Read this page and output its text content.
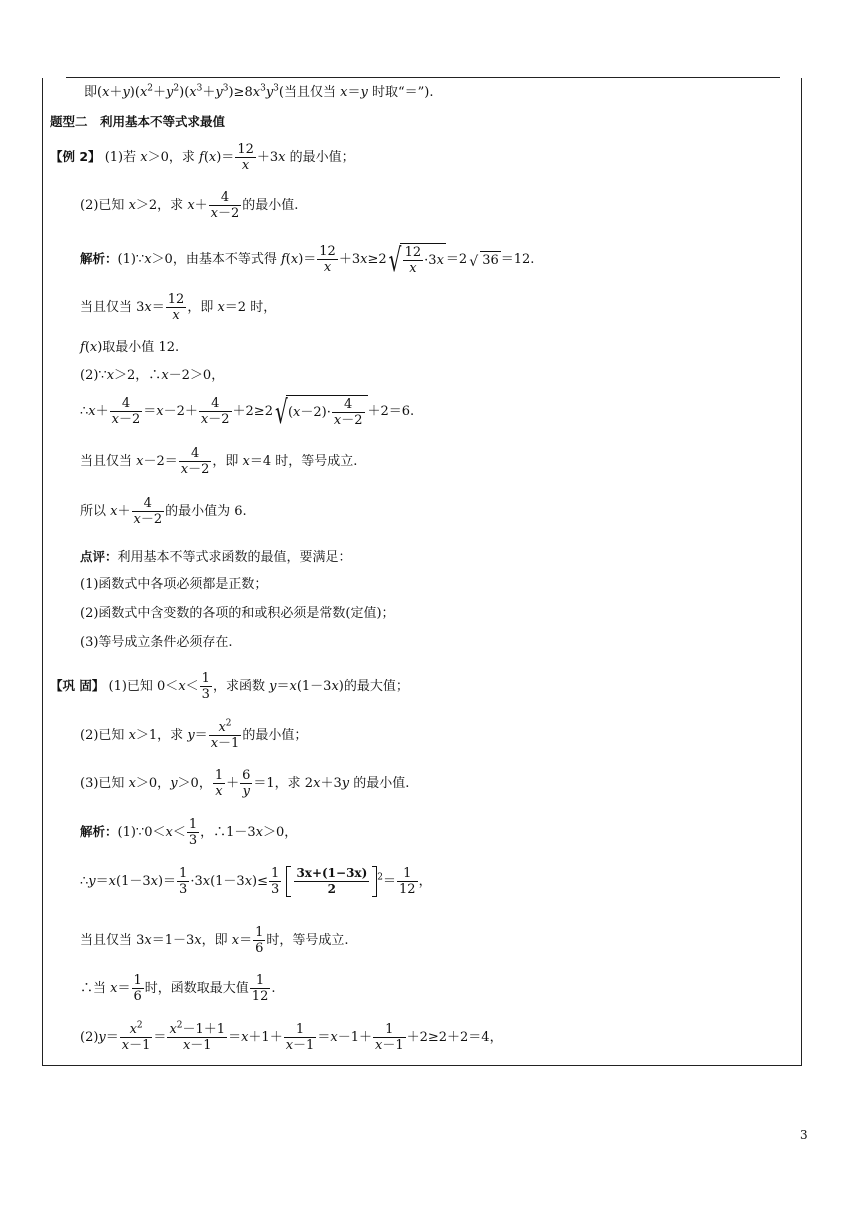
即$(x+y)(x^2+y^2)(x^3+y^3)\ge 8x^3y^3$(当且仅当 x＝y 时取“＝”).
题型二　利用基本不等式求最值
【例 2】 (1)若 x＞0，求 $f(x)= \frac{12}{x} +3x$ 的最小值；
(2)已知 x＞2，求 $x+ \frac{4}{x-2}$ 的最小值.
解析：(1)∵x＞0，由基本不等式得 $f(x)= \frac{12}{x} +3x\ge 2$ √ $\frac{12}{x} \cdot 3x =2$ √ 36 ＝12.
当且仅当 $3x= \frac{12}{x}$ ，即 x＝2 时，
f(x)取最小值 12.
(2)∵x＞2，∴x－2＞0，
∴x＋ $\frac{4}{x-2} =x-2+ \frac{4}{x-2} +2\ge 2$ √ $(x-2)\cdot \frac{4}{x-2} +2=6$.
当且仅当 $x-2= \frac{4}{x-2}$ ，即 x＝4 时，等号成立.
所以 $x+ \frac{4}{x-2}$ 的最小值为 6.
点评：利用基本不等式求函数的最值，要满足：
(1)函数式中各项必须都是正数；
(2)函数式中含变数的各项的和或积必须是常数(定值)；
(3)等号成立条件必须存在.
【巩 固】 (1)已知 $0<x< \frac{1}{3}$ ，求函数 y＝x(1－3x)的最大值；
(2)已知 x＞1，求 $y= \frac{x^2}{x-1}$ 的最小值；
(3)已知 x＞0，y＞0， $\frac{1}{x} + \frac{6}{y} =1$，求 2x＋3y 的最小值.
解析：(1)∵0＜x＜ $\frac{1}{3}$ ，∴1－3x＞0，
∴y＝x(1－3x)＝ $\frac{1}{3} \cdot 3x(1-3x)\le \frac{1}{3}$
$\frac{3x+(1-3x)}{2} ^2= \frac{1}{12}$ ，
当且仅当 3x＝1－3x，即 $x= \frac{1}{6}$ 时，等号成立.
∴当 $x= \frac{1}{6}$ 时，函数取最大值 $\frac{1}{12}$ .
$(2)y= \frac{x^2}{x-1} = \frac{x^2-1+1}{x-1} =x+1+ \frac{1}{x-1} =x-1+ \frac{1}{x-1} +2\ge 2+2=4$，
3
